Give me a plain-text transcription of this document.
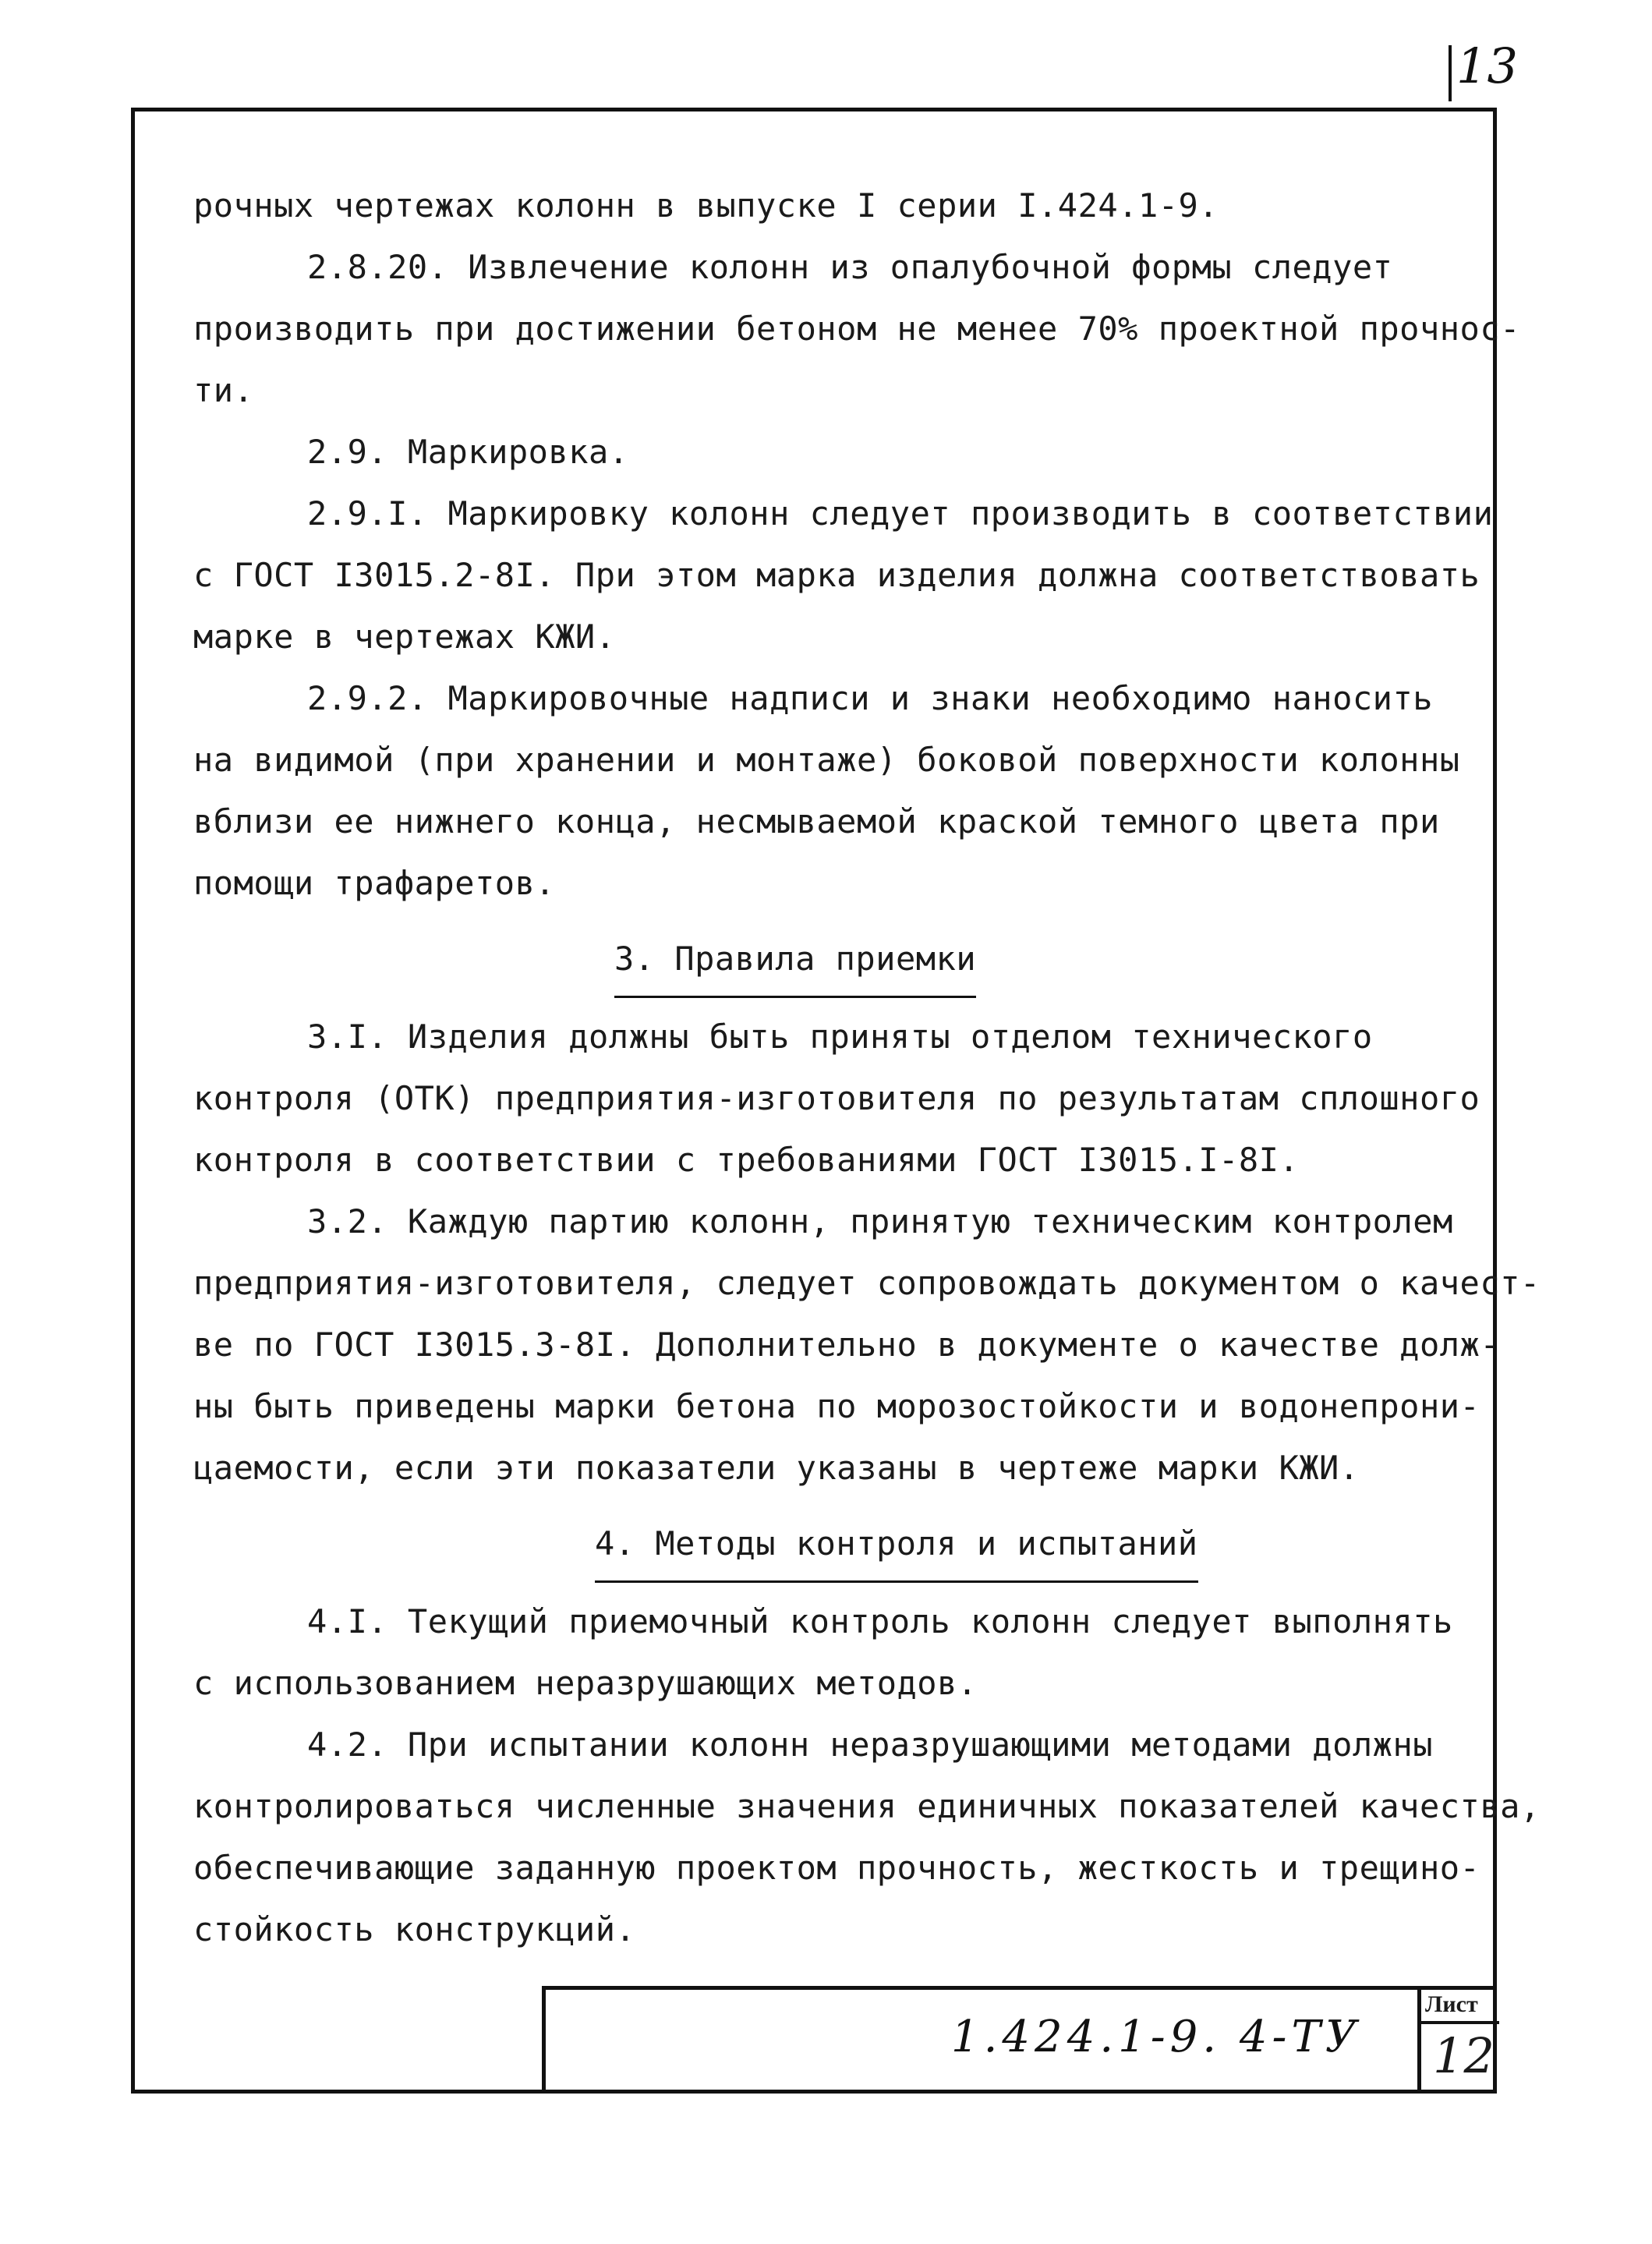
13
рочных чертежах колонн в выпуске I серии I.424.1-9.
2.8.20. Извлечение колонн из опалубочной формы следует
производить при достижении бетоном не менее 70% проектной прочнос-
ти.
2.9. Маркировка.
2.9.I. Маркировку колонн следует производить в соответствии
с ГОСТ I3015.2-8I. При этом марка изделия должна соответствовать
марке в чертежах КЖИ.
2.9.2. Маркировочные надписи и знаки необходимо наносить
на видимой (при хранении и монтаже) боковой поверхности колонны
вблизи ее нижнего конца, несмываемой краской темного цвета при
помощи трафаретов.
3. Правила приемки
3.I. Изделия должны быть приняты отделом технического
контроля (ОТК) предприятия-изготовителя по результатам сплошного
контроля в соответствии с требованиями ГОСТ I3015.I-8I.
3.2. Каждую партию колонн, принятую техническим контролем
предприятия-изготовителя, следует сопровождать документом о качест-
ве по ГОСТ I3015.3-8I. Дополнительно в документе о качестве долж-
ны быть приведены марки бетона по морозостойкости и водонепрони-
цаемости, если эти показатели указаны в чертеже марки КЖИ.
4. Методы контроля и испытаний
4.I. Текущий приемочный контроль колонн следует выполнять
с использованием неразрушающих методов.
4.2. При испытании колонн неразрушающими методами должны
контролироваться численные значения единичных показателей качества,
обеспечивающие заданную проектом прочность, жесткость и трещино-
стойкость конструкций.
1.424.1-9. 4-ТУ
Лист
12
